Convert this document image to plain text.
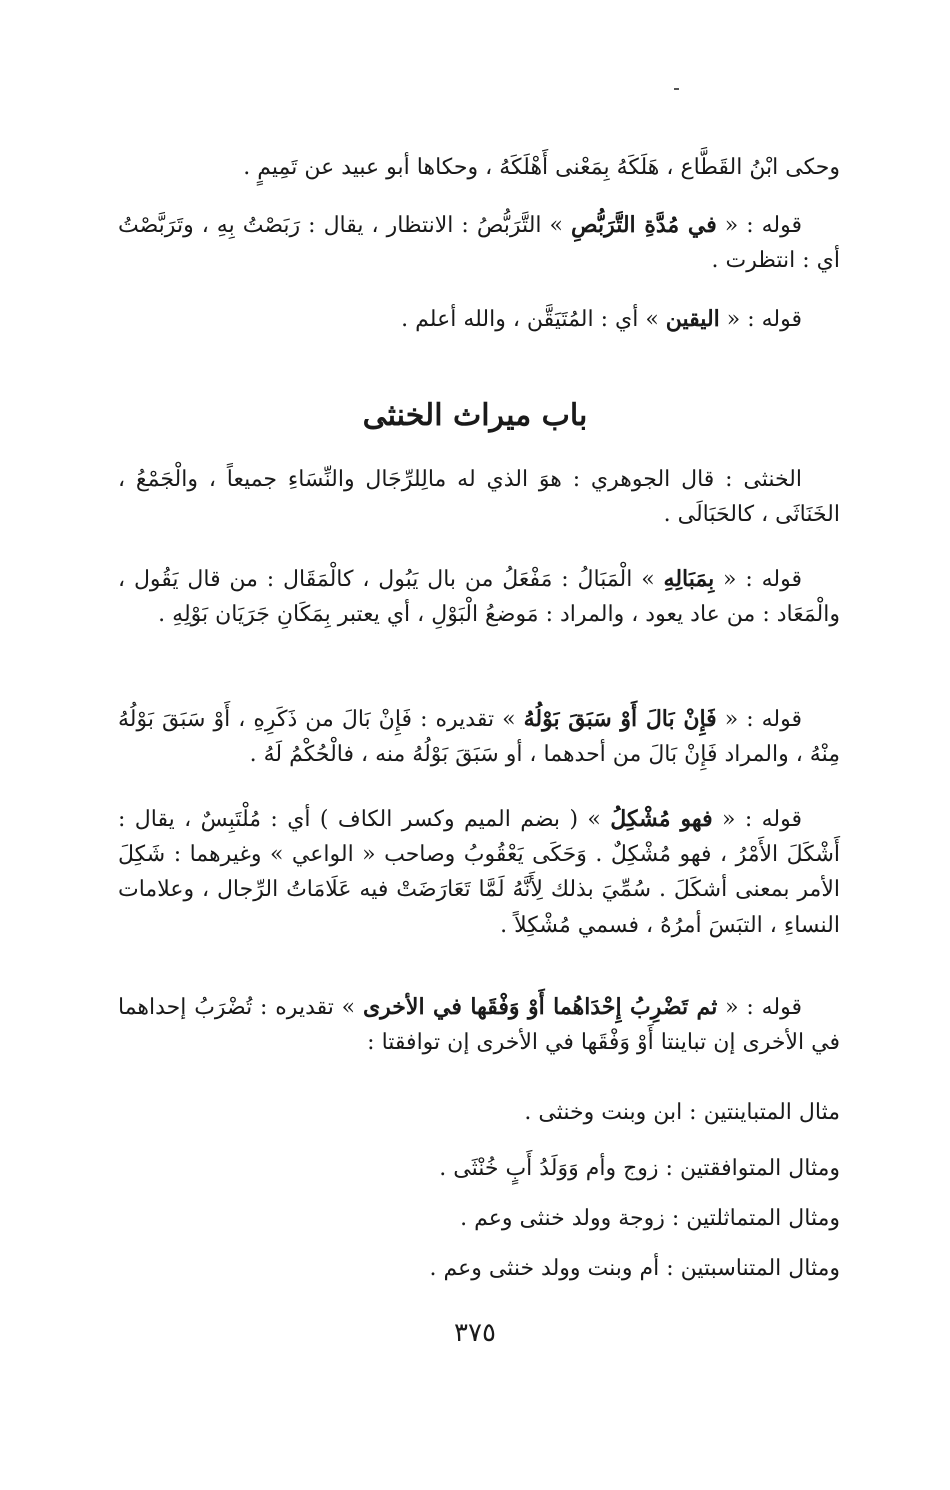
وحكى ابْنُ القَطَّاع ، هَلَكَهُ بِمَعْنى أَهْلَكَهُ ، وحكاها أبو عبيد عن تَمِيمٍ .
قوله : « في مُدَّةِ التَّرَبُّصِ » التَّرَبُّصُ : الانتظار ، يقال : رَبَصْتُ بِهِ ، وتَرَبَّصْتُ أي : انتظرت .
قوله : « اليقين » أي : المُتَيَقَّن ، والله أعلم .
باب ميراث الخنثى
الخنثى : قال الجوهري : هوَ الذي له مالِلرِّجَال والنِّسَاءِ جميعاً ، والْجَمْعُ ، الخَنَاثَى ، كالحَبَالَى .
قوله : « بِمَبَالِهِ » الْمَبَالُ : مَفْعَلُ من بال يَبُول ، كالْمَقَال : من قال يَقُول ، والْمَعَاد : من عاد يعود ، والمراد : مَوضعُ الْبَوْلِ ، أي يعتبر بِمَكَانِ جَرَيَان بَوْلِهِ .
قوله : « فَإِنْ بَالَ أَوْ سَبَقَ بَوْلُهُ » تقديره : فَإِنْ بَالَ من ذَكَرِهِ ، أَوْ سَبَقَ بَوْلُهُ مِنْهُ ، والمراد فَإِنْ بَالَ من أحدهما ، أو سَبَقَ بَوْلُهُ منه ، فالْحُكْمُ لَهُ .
قوله : « فهو مُشْكِلُ » ( بضم الميم وكسر الكاف ) أي : مُلْتَبِسٌ ، يقال : أَشْكَلَ الأَمْرُ ، فهو مُشْكِلٌ . وَحَكَى يَعْقُوبُ وصاحب « الواعي » وغيرهما : شَكِلَ الأمر بمعنى أشكَلَ . سُمِّيَ بذلك لِأَنَّهُ لَمَّا تَعَارَضَتْ فيه عَلَامَاتُ الرِّجال ، وعلامات النساءِ ، التبَسَ أمرُهُ ، فسمي مُشْكِلاً .
قوله : « ثم تَضْرِبُ إِحْدَاهُما أَوْ وَفْقَها في الأخرى » تقديره : تُضْرَبُ إحداهما في الأخرى إن تباينتا أَوْ وَفْقَها في الأخرى إن توافقتا :
مثال المتباينتين : ابن وبنت وخنثى .
ومثال المتوافقتين : زوج وأم وَوَلَدُ أَبٍ خُنْثَى .
ومثال المتماثلتين : زوجة وولد خنثى وعم .
ومثال المتناسبتين : أم وبنت وولد خنثى وعم .
٣٧٥
